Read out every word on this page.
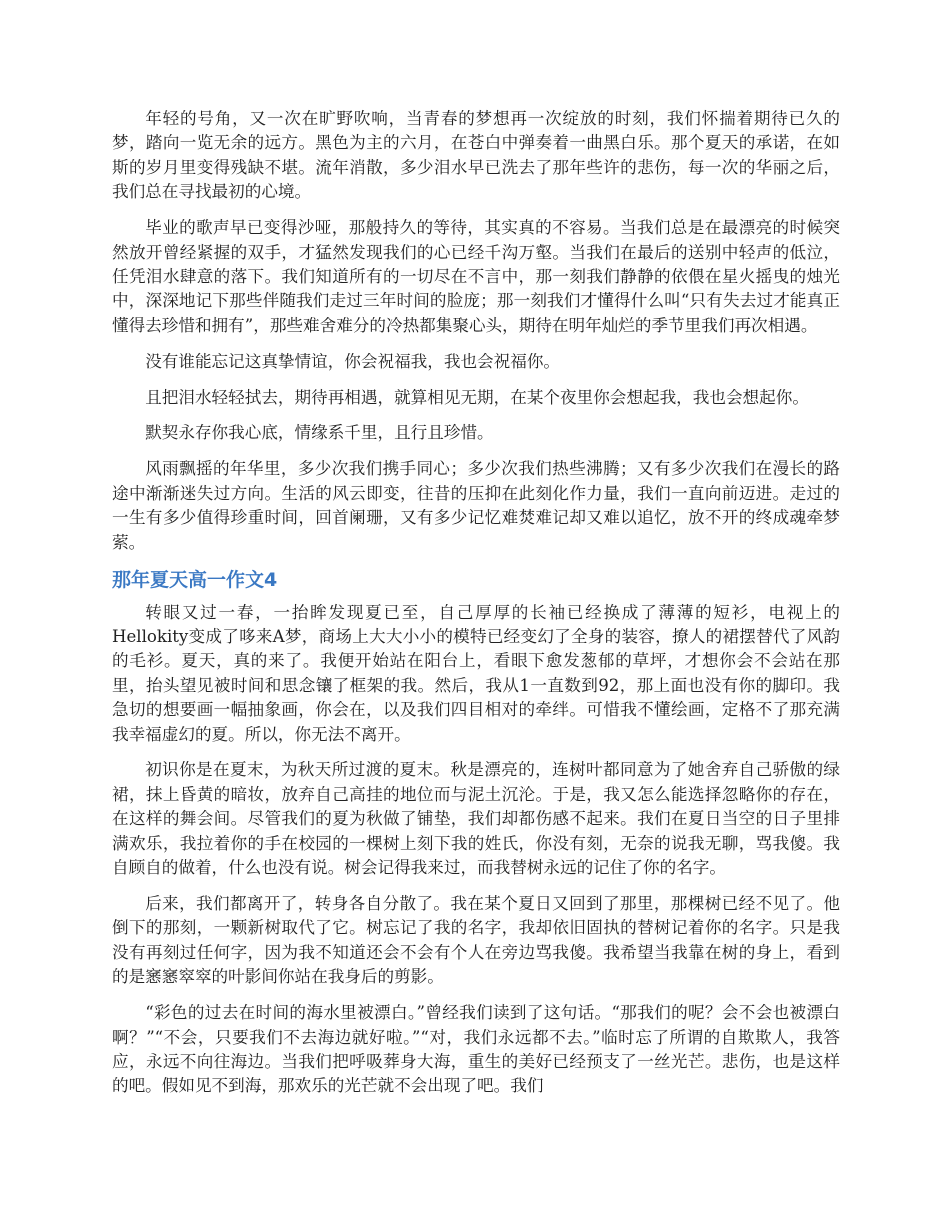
年轻的号角，又一次在旷野吹响，当青春的梦想再一次绽放的时刻，我们怀揣着期待已久的梦，踏向一览无余的远方。黑色为主的六月，在苍白中弹奏着一曲黑白乐。那个夏天的承诺，在如斯的岁月里变得残缺不堪。流年消散，多少泪水早已洗去了那年些许的悲伤，每一次的华丽之后，我们总在寻找最初的心境。

毕业的歌声早已变得沙哑，那般持久的等待，其实真的不容易。当我们总是在最漂亮的时候突然放开曾经紧握的双手，才猛然发现我们的心已经千沟万壑。当我们在最后的送别中轻声的低泣，任凭泪水肆意的落下。我们知道所有的一切尽在不言中，那一刻我们静静的依偎在星火摇曳的烛光中，深深地记下那些伴随我们走过三年时间的脸庞；那一刻我们才懂得什么叫“只有失去过才能真正懂得去珍惜和拥有”，那些难舍难分的冷热都集聚心头，期待在明年灿烂的季节里我们再次相遇。

没有谁能忘记这真挚情谊，你会祝福我，我也会祝福你。

且把泪水轻轻拭去，期待再相遇，就算相见无期，在某个夜里你会想起我，我也会想起你。

默契永存你我心底，情缘系千里，且行且珍惜。

风雨飘摇的年华里，多少次我们携手同心；多少次我们热些沸腾；又有多少次我们在漫长的路途中渐渐迷失过方向。生活的风云即变，往昔的压抑在此刻化作力量，我们一直向前迈进。走过的一生有多少值得珍重时间，回首阑珊，又有多少记忆难焚难记却又难以追忆，放不开的终成魂牵梦萦。

那年夏天高一作文4

转眼又过一春，一抬眸发现夏已至，自己厚厚的长袖已经换成了薄薄的短衫，电视上的Hellokity变成了哆来A梦，商场上大大小小的模特已经变幻了全身的装容，撩人的裙摆替代了风韵的毛衫。夏天，真的来了。我便开始站在阳台上，看眼下愈发葱郁的草坪，才想你会不会站在那里，抬头望见被时间和思念镶了框架的我。然后，我从1一直数到92，那上面也没有你的脚印。我急切的想要画一幅抽象画，你会在，以及我们四目相对的牵绊。可惜我不懂绘画，定格不了那充满我幸福虚幻的夏。所以，你无法不离开。

初识你是在夏末，为秋天所过渡的夏末。秋是漂亮的，连树叶都同意为了她舍弃自己骄傲的绿裙，抹上昏黄的暗妆，放弃自己高挂的地位而与泥土沉沦。于是，我又怎么能选择忽略你的存在，在这样的舞会间。尽管我们的夏为秋做了铺垫，我们却都伤感不起来。我们在夏日当空的日子里排满欢乐，我拉着你的手在校园的一棵树上刻下我的姓氏，你没有刻，无奈的说我无聊，骂我傻。我自顾自的做着，什么也没有说。树会记得我来过，而我替树永远的记住了你的名字。

后来，我们都离开了，转身各自分散了。我在某个夏日又回到了那里，那棵树已经不见了。他倒下的那刻，一颗新树取代了它。树忘记了我的名字，我却依旧固执的替树记着你的名字。只是我没有再刻过任何字，因为我不知道还会不会有个人在旁边骂我傻。我希望当我靠在树的身上，看到的是窸窸窣窣的叶影间你站在我身后的剪影。

“彩色的过去在时间的海水里被漂白。”曾经我们读到了这句话。“那我们的呢？会不会也被漂白啊？”“不会，只要我们不去海边就好啦。”“对，我们永远都不去。”临时忘了所谓的自欺欺人，我答应，永远不向往海边。当我们把呼吸葬身大海，重生的美好已经预支了一丝光芒。悲伤，也是这样的吧。假如见不到海，那欢乐的光芒就不会出现了吧。我们
